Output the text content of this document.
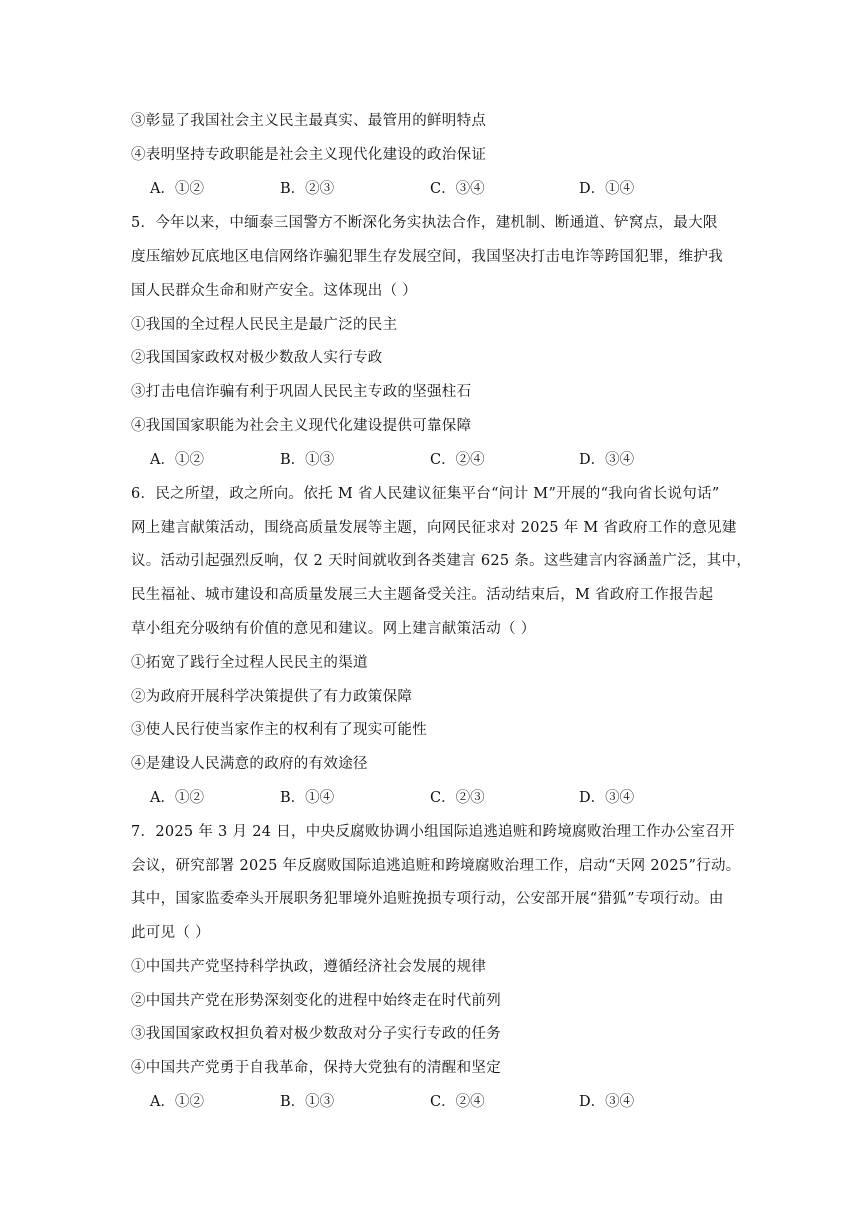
③彰显了我国社会主义民主最真实、最管用的鲜明特点
④表明坚持专政职能是社会主义现代化建设的政治保证
A．①②	B．②③	C．③④	D．①④
5．今年以来，中缅泰三国警方不断深化务实执法合作，建机制、断通道、铲窝点，最大限
度压缩妙瓦底地区电信网络诈骗犯罪生存发展空间，我国坚决打击电诈等跨国犯罪，维护我
国人民群众生命和财产安全。这体现出（ ）
①我国的全过程人民民主是最广泛的民主
②我国国家政权对极少数敌人实行专政
③打击电信诈骗有利于巩固人民民主专政的坚强柱石
④我国国家职能为社会主义现代化建设提供可靠保障
A．①②	B．①③	C．②④	D．③④
6．民之所望，政之所向。依托 M 省人民建议征集平台“问计 M”开展的“我向省长说句话”
网上建言献策活动，围绕高质量发展等主题，向网民征求对 2025 年 M 省政府工作的意见建
议。活动引起强烈反响，仅 2 天时间就收到各类建言 625 条。这些建言内容涵盖广泛，其中，
民生福祉、城市建设和高质量发展三大主题备受关注。活动结束后，M 省政府工作报告起
草小组充分吸纳有价值的意见和建议。网上建言献策活动（ ）
①拓宽了践行全过程人民民主的渠道
②为政府开展科学决策提供了有力政策保障
③使人民行使当家作主的权利有了现实可能性
④是建设人民满意的政府的有效途径
A．①②	B．①④	C．②③	D．③④
7．2025 年 3 月 24 日，中央反腐败协调小组国际追逃追赃和跨境腐败治理工作办公室召开
会议，研究部署 2025 年反腐败国际追逃追赃和跨境腐败治理工作，启动“天网 2025”行动。
其中，国家监委牵头开展职务犯罪境外追赃挽损专项行动，公安部开展“猎狐”专项行动。由
此可见（ ）
①中国共产党坚持科学执政，遵循经济社会发展的规律
②中国共产党在形势深刻变化的进程中始终走在时代前列
③我国国家政权担负着对极少数敌对分子实行专政的任务
④中国共产党勇于自我革命，保持大党独有的清醒和坚定
A．①②	B．①③	C．②④	D．③④
